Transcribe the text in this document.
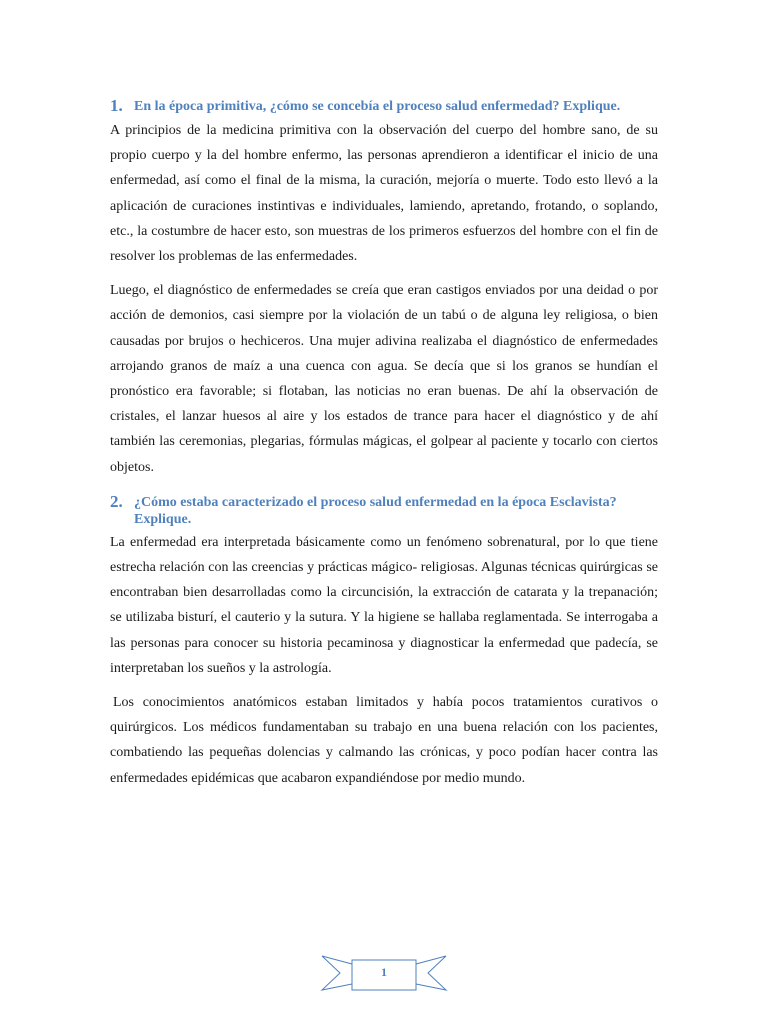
1. En la época primitiva, ¿cómo se concebía el proceso salud enfermedad? Explique.

A principios de la medicina primitiva con la observación del cuerpo del hombre sano, de su propio cuerpo y la del hombre enfermo, las personas aprendieron a identificar el inicio de una enfermedad, así como el final de la misma, la curación, mejoría o muerte. Todo esto llevó a la aplicación de curaciones instintivas e individuales, lamiendo, apretando, frotando, o soplando, etc., la costumbre de hacer esto, son muestras de los primeros esfuerzos del hombre con el fin de resolver los problemas de las enfermedades.

Luego, el diagnóstico de enfermedades se creía que eran castigos enviados por una deidad o por acción de demonios, casi siempre por la violación de un tabú o de alguna ley religiosa, o bien causadas por brujos o hechiceros. Una mujer adivina realizaba el diagnóstico de enfermedades arrojando granos de maíz a una cuenca con agua. Se decía que si los granos se hundían el pronóstico era favorable; si flotaban, las noticias no eran buenas. De ahí la observación de cristales, el lanzar huesos al aire y los estados de trance para hacer el diagnóstico y de ahí también las ceremonias, plegarias, fórmulas mágicas, el golpear al paciente y tocarlo con ciertos objetos.

2. ¿Cómo estaba caracterizado el proceso salud enfermedad en la época Esclavista? Explique.

La enfermedad era interpretada básicamente como un fenómeno sobrenatural, por lo que tiene estrecha relación con las creencias y prácticas mágico- religiosas. Algunas técnicas quirúrgicas se encontraban bien desarrolladas como la circuncisión, la extracción de catarata y la trepanación; se utilizaba bisturí, el cauterio y la sutura. Y la higiene se hallaba reglamentada. Se interrogaba a las personas para conocer su historia pecaminosa y diagnosticar la enfermedad que padecía, se interpretaban los sueños y la astrología.

Los conocimientos anatómicos estaban limitados y había pocos tratamientos curativos o quirúrgicos. Los médicos fundamentaban su trabajo en una buena relación con los pacientes, combatiendo las pequeñas dolencias y calmando las crónicas, y poco podían hacer contra las enfermedades epidémicas que acabaron expandiéndose por medio mundo.

1
